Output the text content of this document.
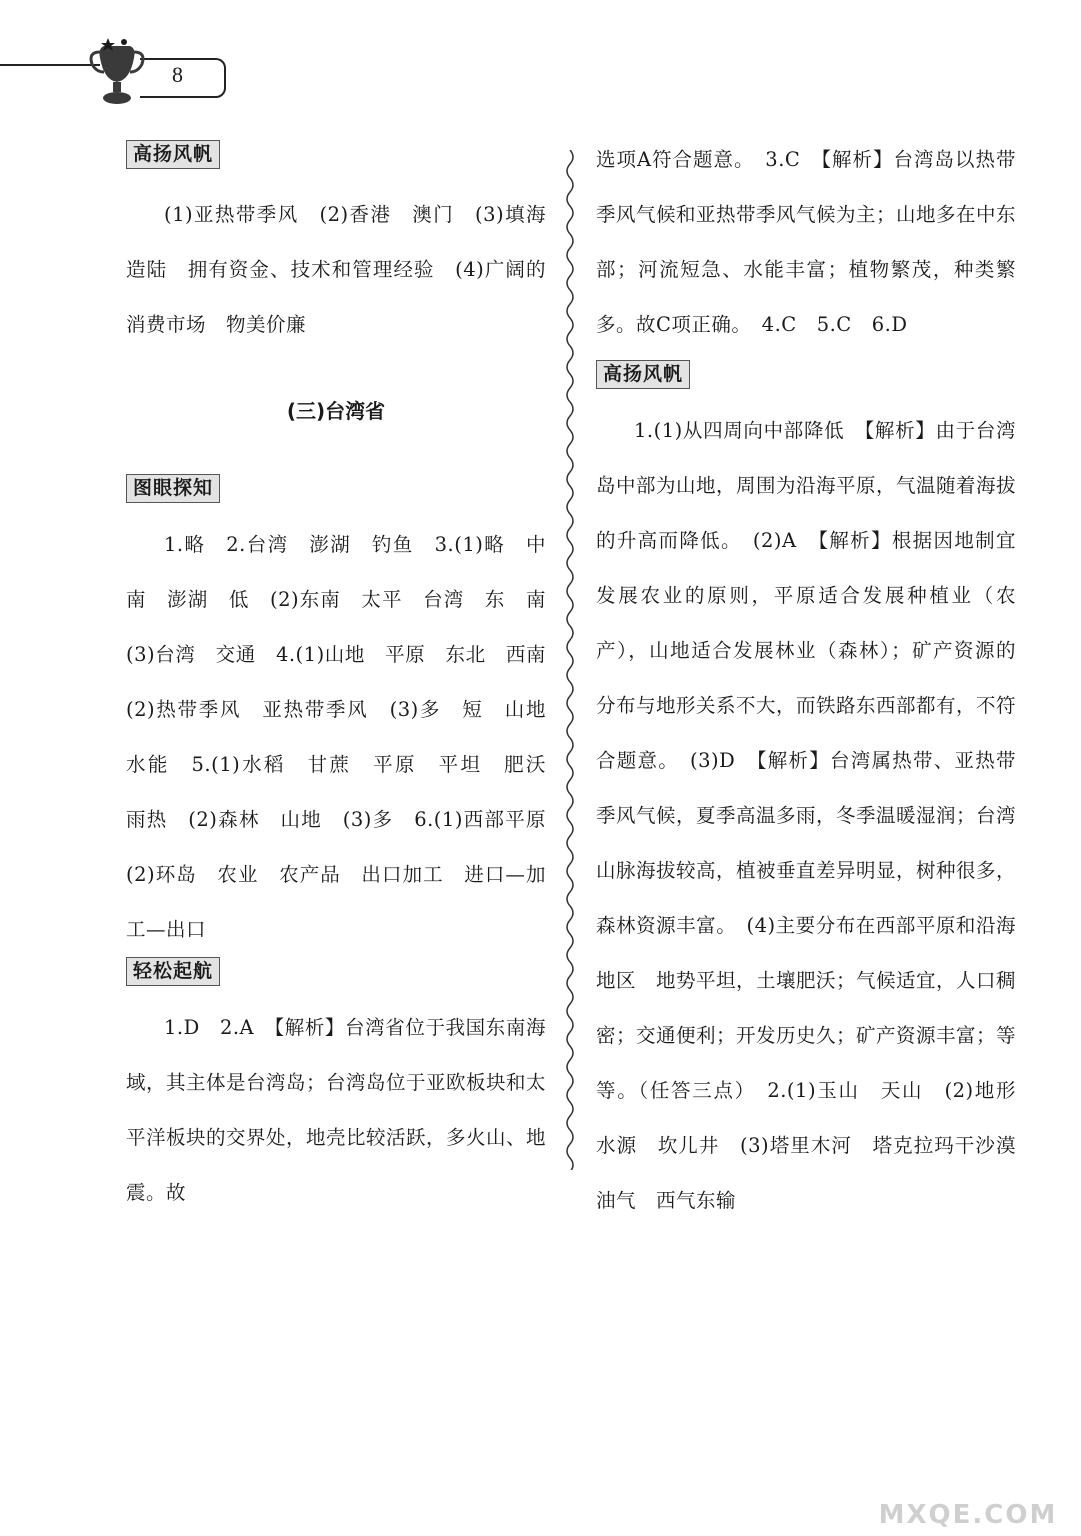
8
高扬风帆

(1)亚热带季风　(2)香港　澳门　(3)填海造陆　拥有资金、技术和管理经验　(4)广阔的消费市场　物美价廉

(三)台湾省

图眼探知

1.略　2.台湾　澎湖　钓鱼　3.(1)略　中南　澎湖　低　(2)东南　太平　台湾　东　南　(3)台湾　交通　4.(1)山地　平原　东北　西南　(2)热带季风　亚热带季风　(3)多　短　山地　水能　5.(1)水稻　甘蔗　平原　平坦　肥沃　雨热　(2)森林　山地　(3)多　6.(1)西部平原　(2)环岛　农业　农产品　出口加工　进口—加工—出口

轻松起航

1.D　2.A　【解析】台湾省位于我国东南海域，其主体是台湾岛；台湾岛位于亚欧板块和太平洋板块的交界处，地壳比较活跃，多火山、地震。故

选项A符合题意。　3.C　【解析】台湾岛以热带季风气候和亚热带季风气候为主；山地多在中东部；河流短急、水能丰富；植物繁茂，种类繁多。故C项正确。　4.C　5.C　6.D

高扬风帆

1.(1)从四周向中部降低　【解析】由于台湾岛中部为山地，周围为沿海平原，气温随着海拔的升高而降低。　(2)A　【解析】根据因地制宜发展农业的原则，平原适合发展种植业（农产），山地适合发展林业（森林）；矿产资源的分布与地形关系不大，而铁路东西部都有，不符合题意。　(3)D　【解析】台湾属热带、亚热带季风气候，夏季高温多雨，冬季温暖湿润；台湾山脉海拔较高，植被垂直差异明显，树种很多，森林资源丰富。　(4)主要分布在西部平原和沿海地区　地势平坦，土壤肥沃；气候适宜，人口稠密；交通便利；开发历史久；矿产资源丰富；等等。（任答三点）　2.(1)玉山　天山　(2)地形　水源　坎儿井　(3)塔里木河　塔克拉玛干沙漠　油气　西气东输

MXQE.COM
